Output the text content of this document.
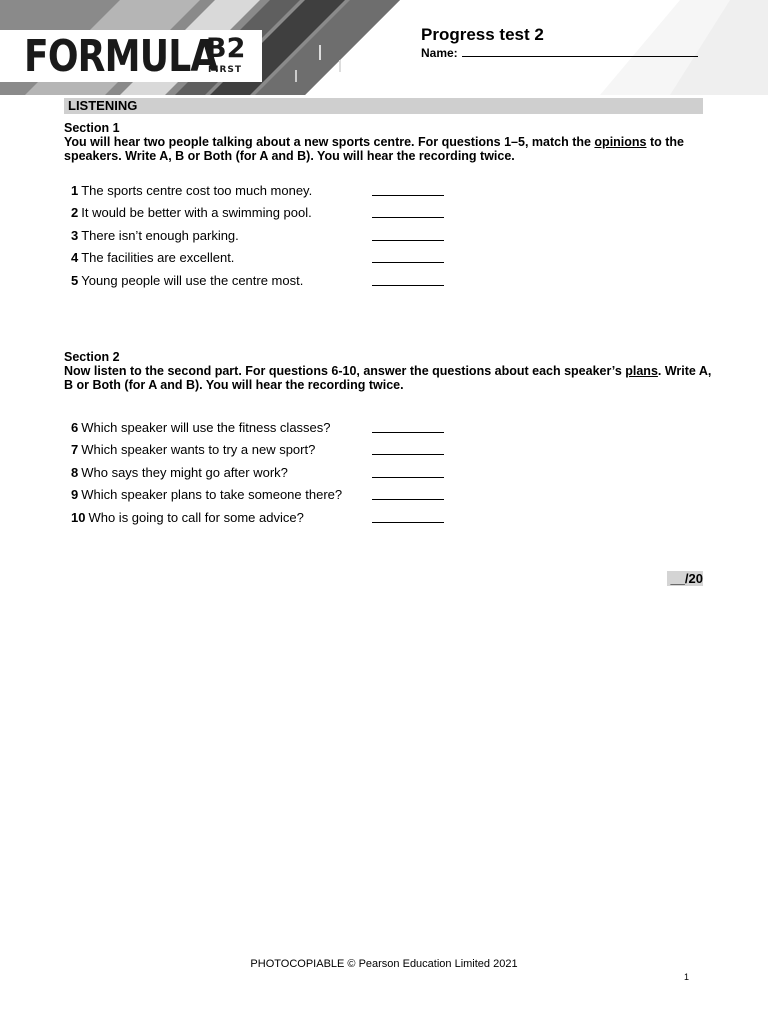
FORMULA
B2
FIRST
Progress test 2
Name:
LISTENING
Section 1
You will hear two people talking about a new sports centre. For questions 1–5, match the opinions to the speakers. Write A, B or Both (for A and B). You will hear the recording twice.
1 The sports centre cost too much money.
2 It would be better with a swimming pool.
3 There isn’t enough parking.
4 The facilities are excellent.
5 Young people will use the centre most.
Section 2
Now listen to the second part. For questions 6-10, answer the questions about each speaker’s plans. Write A, B or Both (for A and B). You will hear the recording twice.
6 Which speaker will use the fitness classes?
7 Which speaker wants to try a new sport?
8 Who says they might go after work?
9 Which speaker plans to take someone there?
10 Who is going to call for some advice?
__/20
PHOTOCOPIABLE © Pearson Education Limited 2021
1
